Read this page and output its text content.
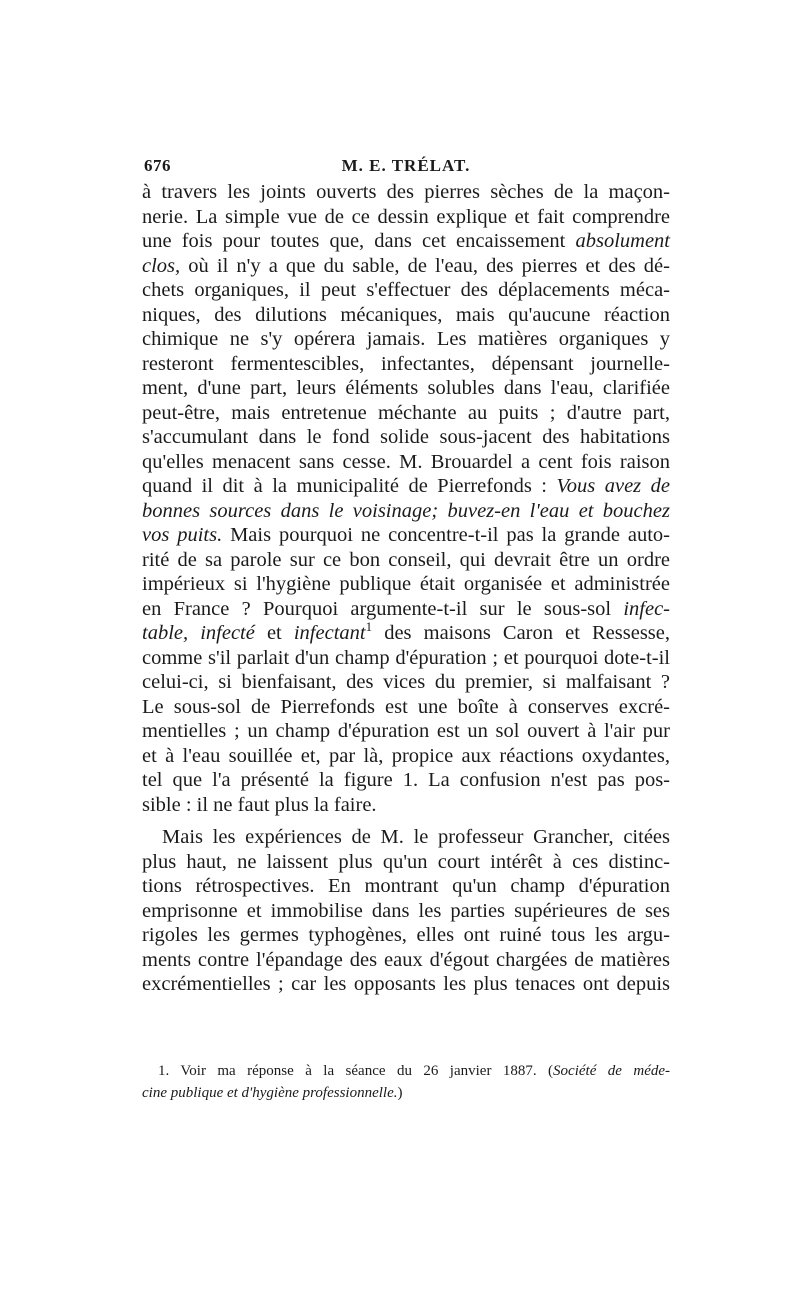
676	M. E. TRÉLAT.
à travers les joints ouverts des pierres sèches de la maçon-
nerie. La simple vue de ce dessin explique et fait comprendre
une fois pour toutes que, dans cet encaissement absolument
clos, où il n'y a que du sable, de l'eau, des pierres et des dé-
chets organiques, il peut s'effectuer des déplacements méca-
niques, des dilutions mécaniques, mais qu'aucune réaction
chimique ne s'y opérera jamais. Les matières organiques y
resteront fermentescibles, infectantes, dépensant journelle-
ment, d'une part, leurs éléments solubles dans l'eau, clarifiée
peut-être, mais entretenue méchante au puits ; d'autre part,
s'accumulant dans le fond solide sous-jacent des habitations
qu'elles menacent sans cesse. M. Brouardel a cent fois raison
quand il dit à la municipalité de Pierrefonds : Vous avez de
bonnes sources dans le voisinage; buvez-en l'eau et bouchez
vos puits. Mais pourquoi ne concentre-t-il pas la grande auto-
rité de sa parole sur ce bon conseil, qui devrait être un ordre
impérieux si l'hygiène publique était organisée et administrée
en France ? Pourquoi argumente-t-il sur le sous-sol infec-
table, infecté et infectant$^1$ des maisons Caron et Ressesse,
comme s'il parlait d'un champ d'épuration ; et pourquoi dote-t-il
celui-ci, si bienfaisant, des vices du premier, si malfaisant ?
Le sous-sol de Pierrefonds est une boîte à conserves excré-
mentielles ; un champ d'épuration est un sol ouvert à l'air pur
et à l'eau souillée et, par là, propice aux réactions oxydantes,
tel que l'a présenté la figure 1. La confusion n'est pas pos-
sible : il ne faut plus la faire.
Mais les expériences de M. le professeur Grancher, citées
plus haut, ne laissent plus qu'un court intérêt à ces distinc-
tions rétrospectives. En montrant qu'un champ d'épuration
emprisonne et immobilise dans les parties supérieures de ses
rigoles les germes typhogènes, elles ont ruiné tous les argu-
ments contre l'épandage des eaux d'égout chargées de matières
excrémentielles ; car les opposants les plus tenaces ont depuis
1. Voir ma réponse à la séance du 26 janvier 1887. (Société de méde-
cine publique et d'hygiène professionnelle.)
